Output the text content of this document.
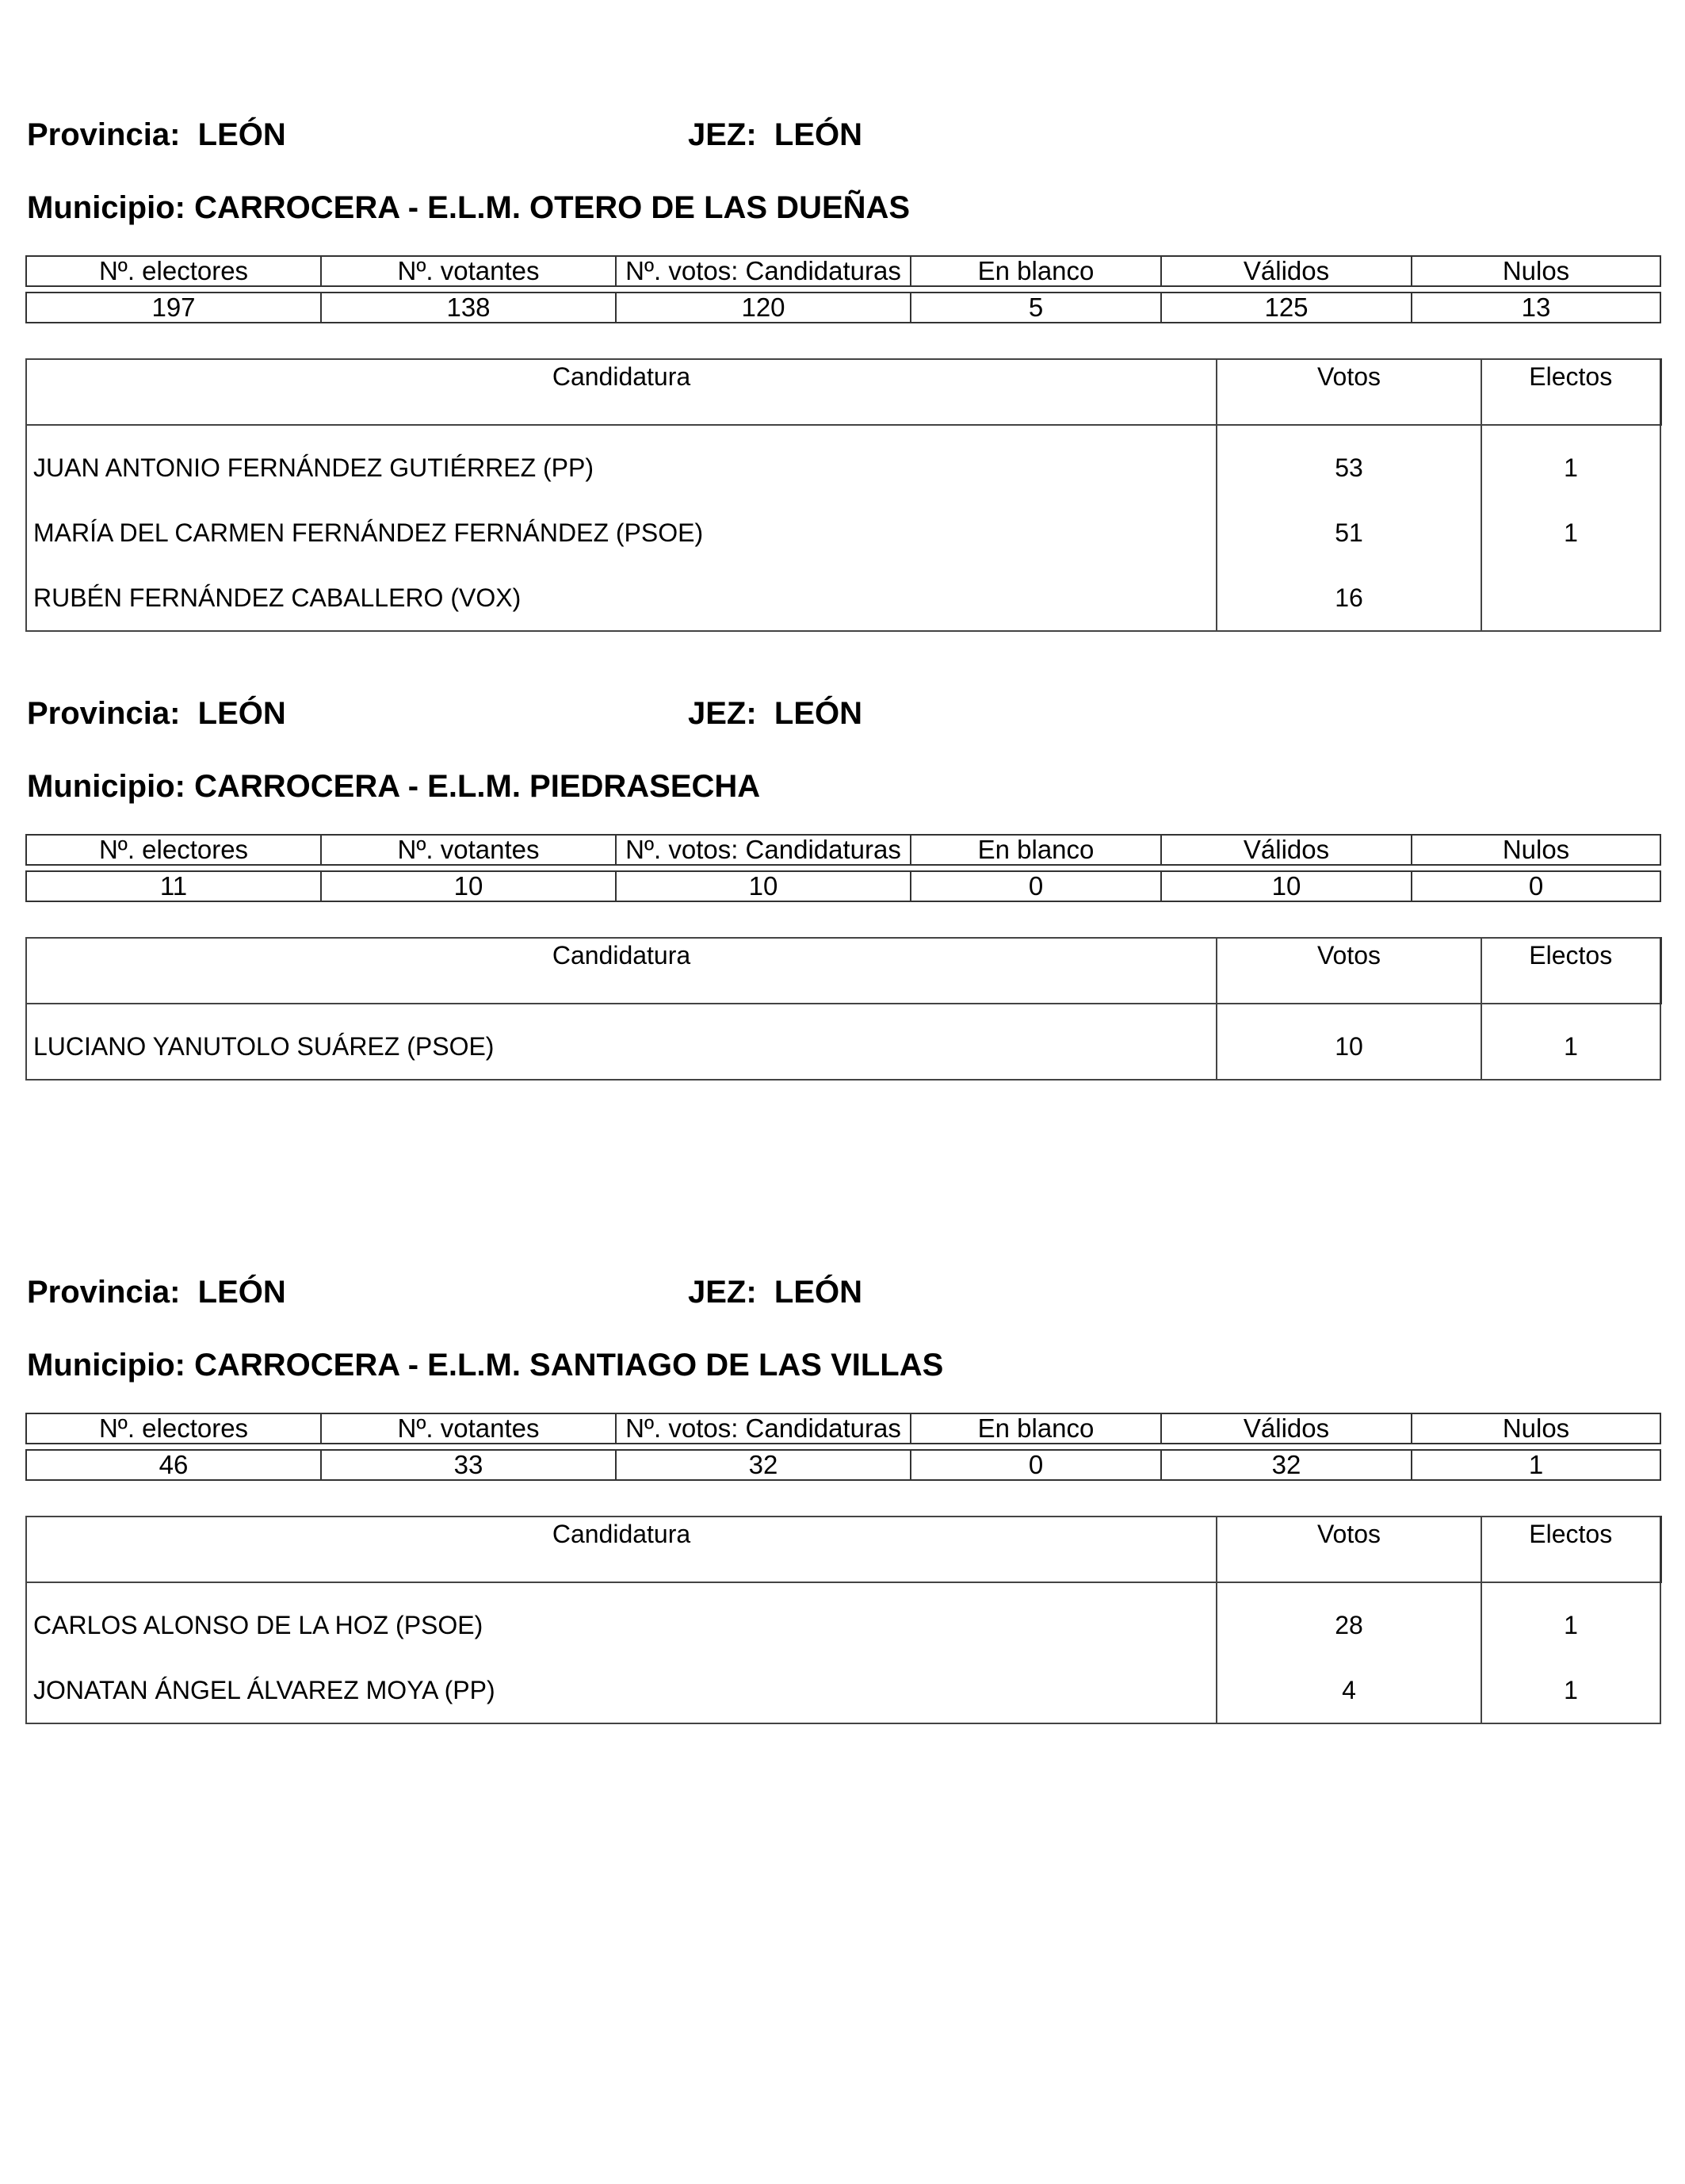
Provincia: LEÓN	JEZ: LEÓN
Municipio: CARROCERA - E.L.M. OTERO DE LAS DUEÑAS
Nº. electores	Nº. votantes	Nº. votos: Candidaturas	En blanco	Válidos	Nulos

197	138	120	5	125	13
Candidatura	Votos	Electos
JUAN ANTONIO FERNÁNDEZ GUTIÉRREZ (PP)	53	1
MARÍA DEL CARMEN FERNÁNDEZ FERNÁNDEZ (PSOE)	51	1
RUBÉN FERNÁNDEZ CABALLERO (VOX)	16	
Provincia: LEÓN	JEZ: LEÓN
Municipio: CARROCERA - E.L.M. PIEDRASECHA
Nº. electores	Nº. votantes	Nº. votos: Candidaturas	En blanco	Válidos	Nulos

11	10	10	0	10	0
Candidatura	Votos	Electos
LUCIANO YANUTOLO SUÁREZ (PSOE)	10	1
Provincia: LEÓN	JEZ: LEÓN
Municipio: CARROCERA - E.L.M. SANTIAGO DE LAS VILLAS
Nº. electores	Nº. votantes	Nº. votos: Candidaturas	En blanco	Válidos	Nulos

46	33	32	0	32	1
Candidatura	Votos	Electos
CARLOS ALONSO DE LA HOZ (PSOE)	28	1
JONATAN ÁNGEL ÁLVAREZ MOYA (PP)	4	1
